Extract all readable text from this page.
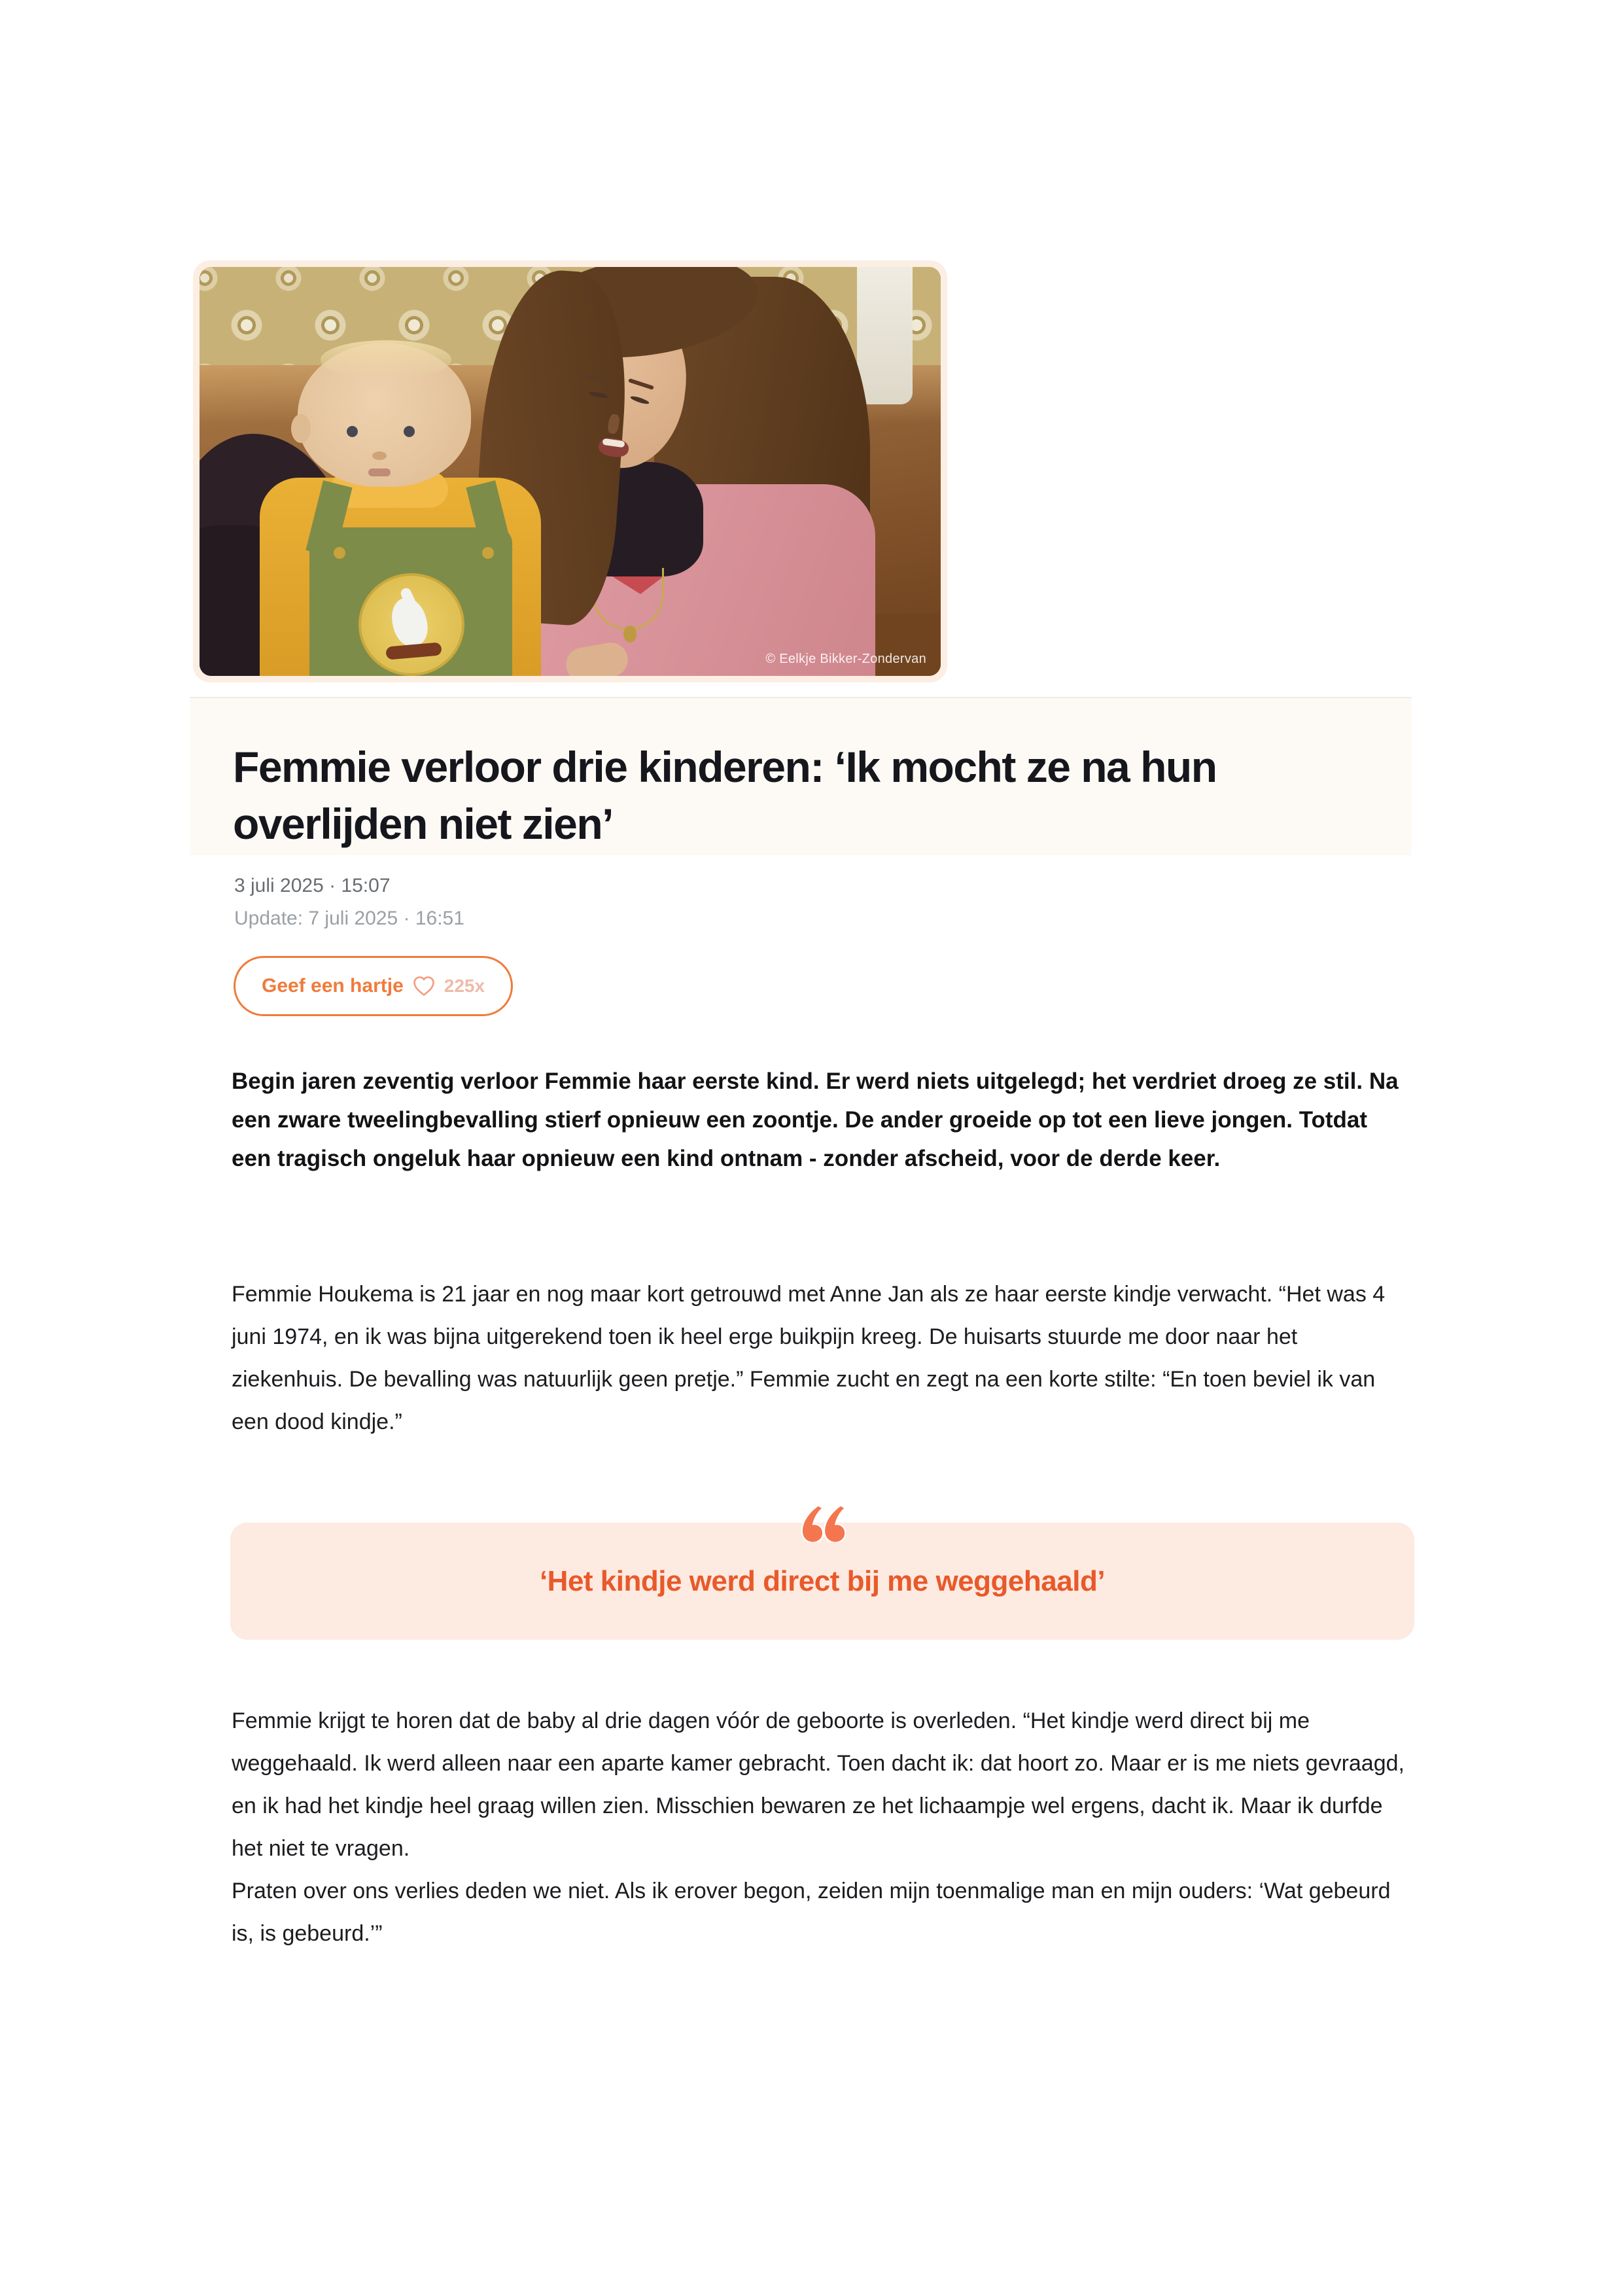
© Eelkje Bikker-Zondervan
Femmie verloor drie kinderen: ‘Ik mocht ze na hun
overlijden niet zien’
3 juli 2025 · 15:07
Update: 7 juli 2025 · 16:51
Geef een hartje 225x

Begin jaren zeventig verloor Femmie haar eerste kind. Er werd niets uitgelegd; het verdriet droeg ze stil. Na een zware tweelingbevalling stierf opnieuw een zoontje. De ander groeide op tot een lieve jongen. Totdat een tragisch ongeluk haar opnieuw een kind ontnam - zonder afscheid, voor de derde keer.

Femmie Houkema is 21 jaar en nog maar kort getrouwd met Anne Jan als ze haar eerste kindje verwacht. “Het was 4 juni 1974, en ik was bijna uitgerekend toen ik heel erge buikpijn kreeg. De huisarts stuurde me door naar het ziekenhuis. De bevalling was natuurlijk geen pretje.” Femmie zucht en zegt na een korte stilte: “En toen beviel ik van een dood kindje.”

‘Het kindje werd direct bij me weggehaald’

Femmie krijgt te horen dat de baby al drie dagen vóór de geboorte is overleden. “Het kindje werd direct bij me weggehaald. Ik werd alleen naar een aparte kamer gebracht. Toen dacht ik: dat hoort zo. Maar er is me niets gevraagd, en ik had het kindje heel graag willen zien. Misschien bewaren ze het lichaampje wel ergens, dacht ik. Maar ik durfde het niet te vragen.

Praten over ons verlies deden we niet. Als ik erover begon, zeiden mijn toenmalige man en mijn ouders: ‘Wat gebeurd is, is gebeurd.’”
